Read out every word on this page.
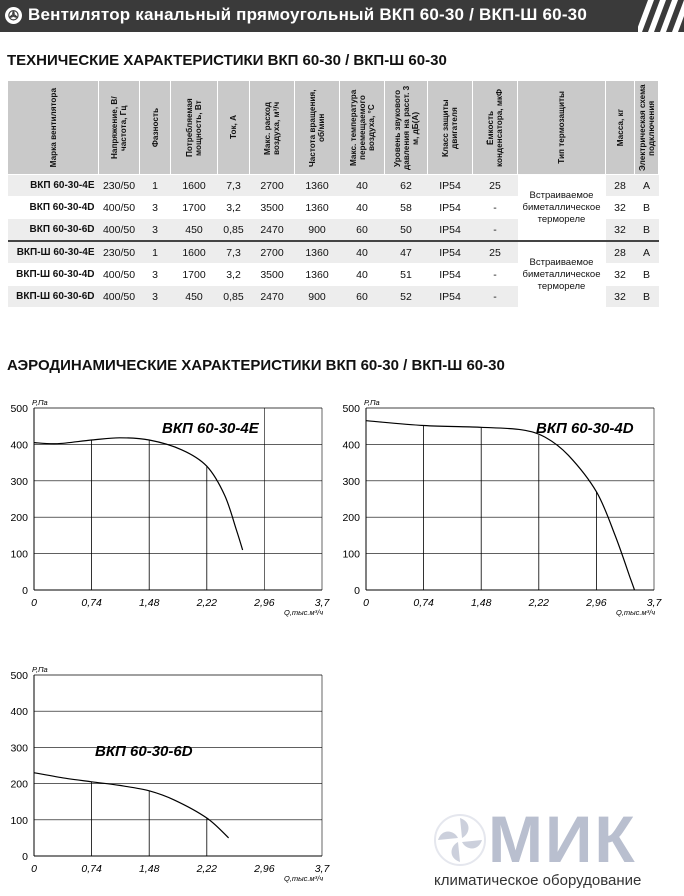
✇ Вентилятор канальный прямоугольный ВКП 60-30 / ВКП-Ш 60-30
ТЕХНИЧЕСКИЕ ХАРАКТЕРИСТИКИ ВКП 60-30 / ВКП-Ш 60-30
Марка вентилятора	Напряжение, В/ частота, Гц	Фазность	Потребляемая мощность, Вт	Ток, А	Макс. расход воздуха, м³/ч	Частота вращения, об/мин	Макс. температура перемещаемого воздуха, °С	Уровень звукового давления на расст. 3 м, дБ(А)	Класс защиты двигателя	Ёмкость конденсатора, мкФ	Тип термозащиты	Масса, кг	Электрическая схема подключения

ВКП 60-30-4Е	230/50	1	1600	7,3	2700	1360	40	62	IP54	25	Встраиваемое биметаллическое термореле	28	A
ВКП 60-30-4D	400/50	3	1700	3,2	3500	1360	40	58	IP54	-		32	B
ВКП 60-30-6D	400/50	3	450	0,85	2470	900	60	50	IP54	-		32	B
ВКП-Ш 60-30-4Е	230/50	1	1600	7,3	2700	1360	40	47	IP54	25	Встраиваемое биметаллическое термореле	28	A
ВКП-Ш 60-30-4D	400/50	3	1700	3,2	3500	1360	40	51	IP54	-		32	B
ВКП-Ш 60-30-6D	400/50	3	450	0,85	2470	900	60	52	IP54	-		32	B
АЭРОДИНАМИЧЕСКИЕ ХАРАКТЕРИСТИКИ ВКП 60-30 / ВКП-Ш 60-30
0
100
200
300
400
500
0	0,74	1,48	2,22	2,96	3,7
P,Па
Q,тыс.м³/ч
ВКП 60-30-4E
0
100
200
300
400
500
0	0,74	1,48	2,22	2,96	3,7
P,Па
Q,тыс.м³/ч
ВКП 60-30-4D
0
100
200
300
400
500
0	0,74	1,48	2,22	2,96	3,7
P,Па
Q,тыс.м³/ч
ВКП 60-30-6D
МИК
климатическое оборудование
